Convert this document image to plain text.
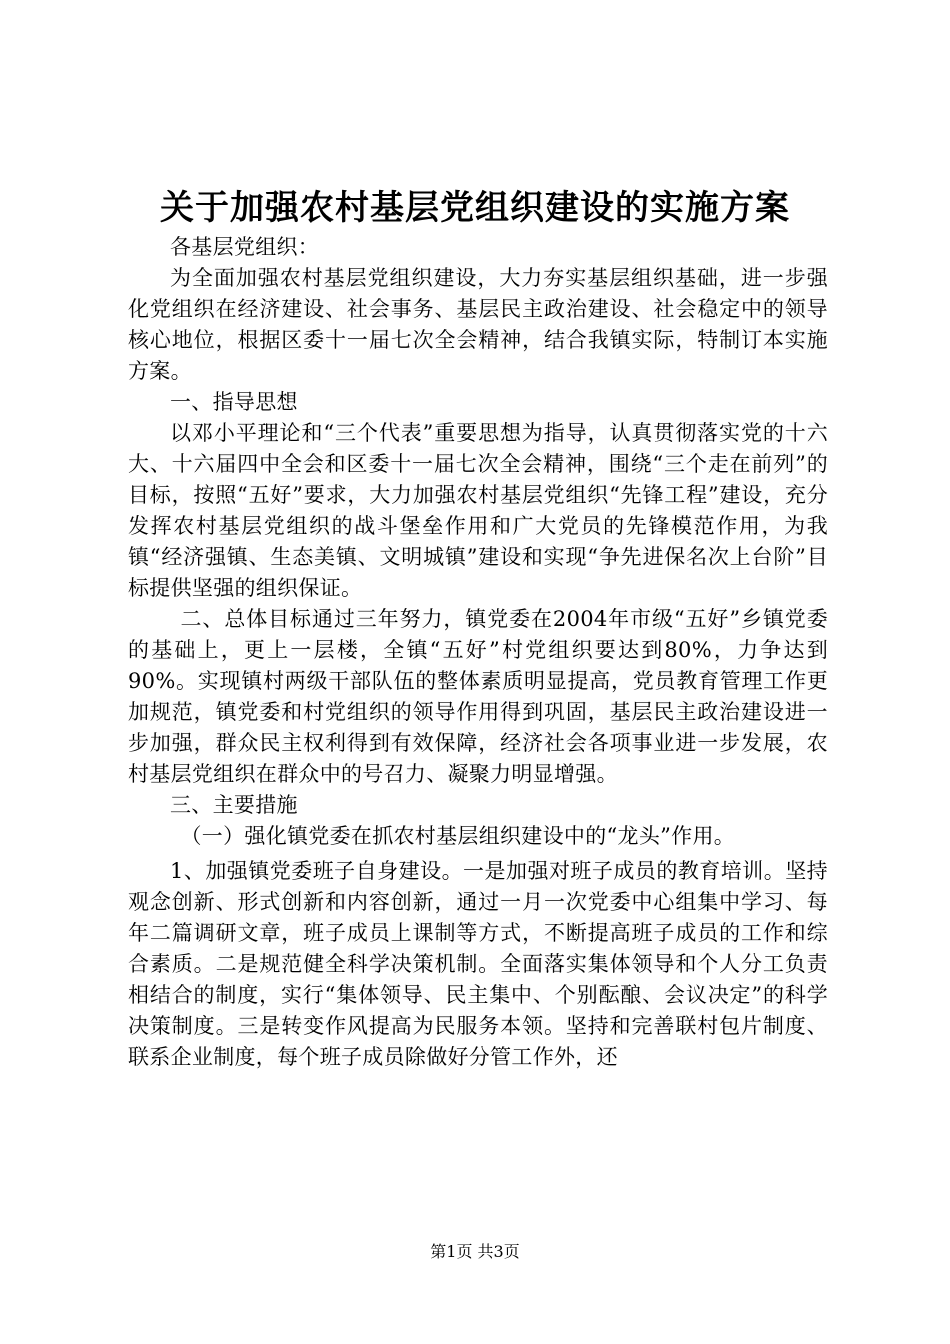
关于加强农村基层党组织建设的实施方案

各基层党组织：

为全面加强农村基层党组织建设，大力夯实基层组织基础，进一步强化党组织在经济建设、社会事务、基层民主政治建设、社会稳定中的领导核心地位，根据区委十一届七次全会精神，结合我镇实际，特制订本实施方案。

一、指导思想

以邓小平理论和“三个代表”重要思想为指导，认真贯彻落实党的十六大、十六届四中全会和区委十一届七次全会精神，围绕“三个走在前列”的目标，按照“五好”要求，大力加强农村基层党组织“先锋工程”建设，充分发挥农村基层党组织的战斗堡垒作用和广大党员的先锋模范作用，为我镇“经济强镇、生态美镇、文明城镇”建设和实现“争先进保名次上台阶”目标提供坚强的组织保证。

二、总体目标通过三年努力，镇党委在2004年市级“五好”乡镇党委的基础上，更上一层楼，全镇“五好”村党组织要达到80%，力争达到90%。实现镇村两级干部队伍的整体素质明显提高，党员教育管理工作更加规范，镇党委和村党组织的领导作用得到巩固，基层民主政治建设进一步加强，群众民主权利得到有效保障，经济社会各项事业进一步发展，农村基层党组织在群众中的号召力、凝聚力明显增强。

三、主要措施

（一）强化镇党委在抓农村基层组织建设中的“龙头”作用。

1、加强镇党委班子自身建设。一是加强对班子成员的教育培训。坚持观念创新、形式创新和内容创新，通过一月一次党委中心组集中学习、每年二篇调研文章，班子成员上课制等方式，不断提高班子成员的工作和综合素质。二是规范健全科学决策机制。全面落实集体领导和个人分工负责相结合的制度，实行“集体领导、民主集中、个别酝酿、会议决定”的科学决策制度。三是转变作风提高为民服务本领。坚持和完善联村包片制度、联系企业制度，每个班子成员除做好分管工作外，还

第1页 共3页
